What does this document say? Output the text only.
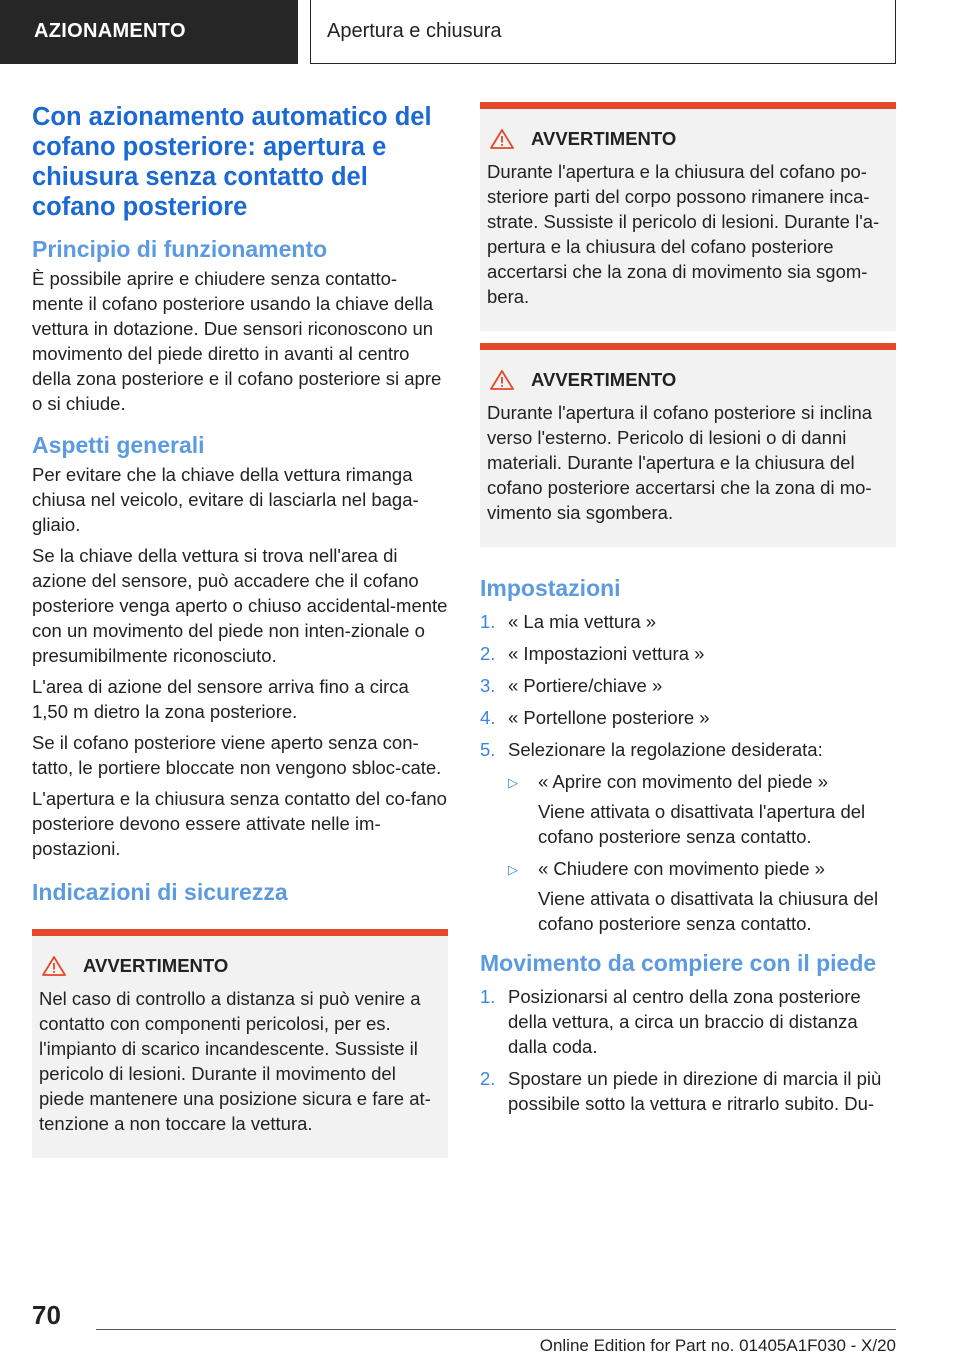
AZIONAMENTO	Apertura e chiusura
Con azionamento automatico del cofano posteriore: apertura e chiusura senza contatto del cofano posteriore
Principio di funzionamento
È possibile aprire e chiudere senza contatto-mente il cofano posteriore usando la chiave della vettura in dotazione. Due sensori riconoscono un movimento del piede diretto in avanti al centro della zona posteriore e il cofano posteriore si apre o si chiude.
Aspetti generali
Per evitare che la chiave della vettura rimanga chiusa nel veicolo, evitare di lasciarla nel baga-gliaio.
Se la chiave della vettura si trova nell'area di azione del sensore, può accadere che il cofano posteriore venga aperto o chiuso accidental-mente con un movimento del piede non inten-zionale o presumibilmente riconosciuto.
L'area di azione del sensore arriva fino a circa 1,50 m dietro la zona posteriore.
Se il cofano posteriore viene aperto senza con-tatto, le portiere bloccate non vengono sbloc-cate.
L'apertura e la chiusura senza contatto del co-fano posteriore devono essere attivate nelle im-postazioni.
Indicazioni di sicurezza
AVVERTIMENTO
Nel caso di controllo a distanza si può venire a contatto con componenti pericolosi, per es. l'impianto di scarico incandescente. Sussiste il pericolo di lesioni. Durante il movimento del piede mantenere una posizione sicura e fare at-tenzione a non toccare la vettura.
AVVERTIMENTO
Durante l'apertura e la chiusura del cofano po-steriore parti del corpo possono rimanere inca-strate. Sussiste il pericolo di lesioni. Durante l'a-pertura e la chiusura del cofano posteriore accertarsi che la zona di movimento sia sgom-bera.
AVVERTIMENTO
Durante l'apertura il cofano posteriore si inclina verso l'esterno. Pericolo di lesioni o di danni materiali. Durante l'apertura e la chiusura del cofano posteriore accertarsi che la zona di mo-vimento sia sgombera.
Impostazioni
1. « La mia vettura »
2. « Impostazioni vettura »
3. « Portiere/chiave »
4. « Portellone posteriore »
5. Selezionare la regolazione desiderata:
▷	« Aprire con movimento del piede »
Viene attivata o disattivata l'apertura del cofano posteriore senza contatto.
▷	« Chiudere con movimento piede »
Viene attivata o disattivata la chiusura del cofano posteriore senza contatto.
Movimento da compiere con il piede
1. Posizionarsi al centro della zona posteriore della vettura, a circa un braccio di distanza dalla coda.
2. Spostare un piede in direzione di marcia il più possibile sotto la vettura e ritrarlo subito. Du-
70
Online Edition for Part no. 01405A1F030 - X/20
